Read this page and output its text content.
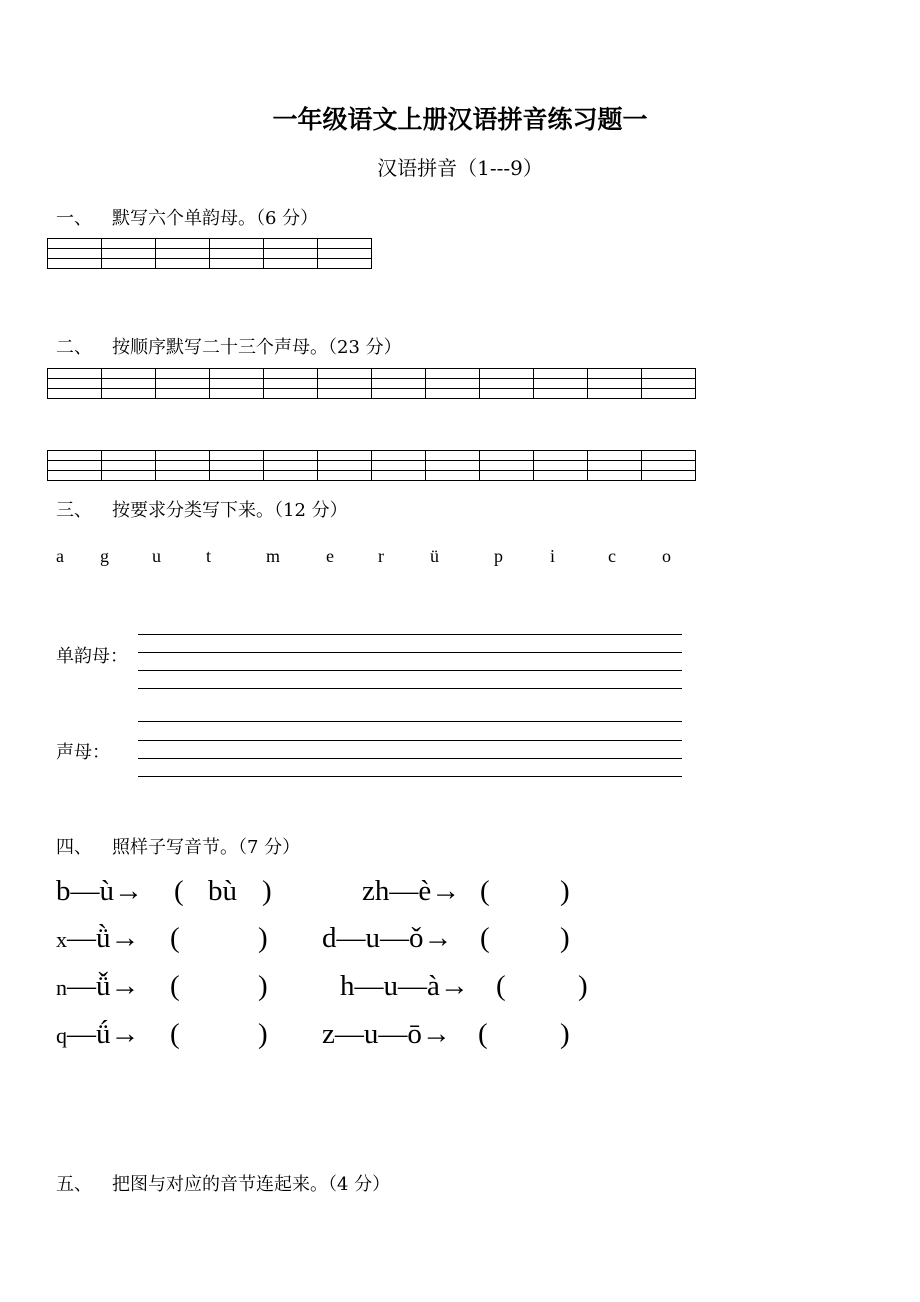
一年级语文上册汉语拼音练习题一
汉语拼音（1---9）
一、 默写六个单韵母。（6 分）

二、 按顺序默写二十三个声母。（23 分）

三、 按要求分类写下来。（12 分）
a g u	t	m	e r	ü	p	i	c	o
单韵母：
声母：
四、 照样子写音节。（7 分）
b—ù→ ( bù )	zh—è→ ( )
x—ǜ→ (	) d—u—ǒ→ ( )
n—ǚ→ (	) h—u—à→ ( )
q—ǘ→ (	) z—u—ō→ ( )
五、 把图与对应的音节连起来。（4 分）
